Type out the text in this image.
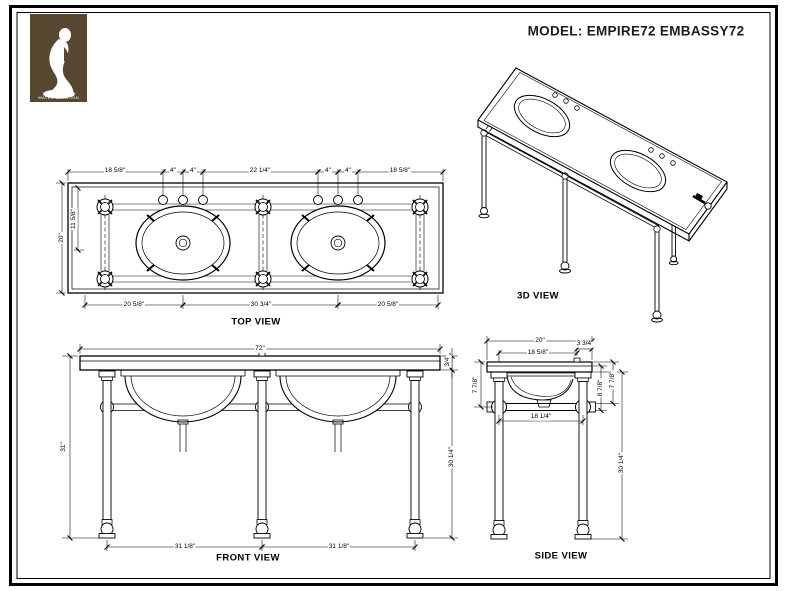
WATER CREATION
MODEL: EMPIRE72 EMBASSY72
18 5/8"	4" 4"	22 1/4"	4" 4"	18 5/8"
20"
11 5/8"
20 5/8"	30 3/4"	20 5/8"
TOP VIEW
72"
3/4"
31"	30 1/4"
31 1/8"	31 1/8"
FRONT VIEW
20"
18 5/8"
3 3/4"
7 7/8"	8 7/8" 7 7/8"
18 1/4"
30 1/4"
SIDE VIEW
3D VIEW
